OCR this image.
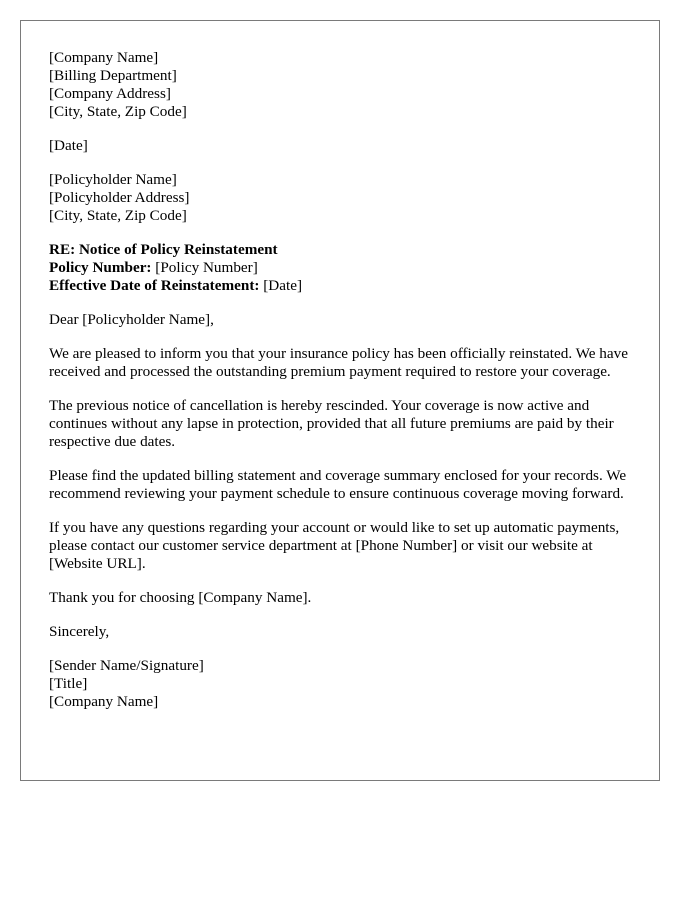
[Company Name]
[Billing Department]
[Company Address]
[City, State, Zip Code]
[Date]
[Policyholder Name]
[Policyholder Address]
[City, State, Zip Code]
RE: Notice of Policy Reinstatement
Policy Number: [Policy Number]
Effective Date of Reinstatement: [Date]

Dear [Policyholder Name],

We are pleased to inform you that your insurance policy has been officially reinstated. We have received and processed the outstanding premium payment required to restore your coverage.

The previous notice of cancellation is hereby rescinded. Your coverage is now active and continues without any lapse in protection, provided that all future premiums are paid by their respective due dates.

Please find the updated billing statement and coverage summary enclosed for your records. We recommend reviewing your payment schedule to ensure continuous coverage moving forward.

If you have any questions regarding your account or would like to set up automatic payments, please contact our customer service department at [Phone Number] or visit our website at [Website URL].

Thank you for choosing [Company Name].

Sincerely,

[Sender Name/Signature]
[Title]
[Company Name]
